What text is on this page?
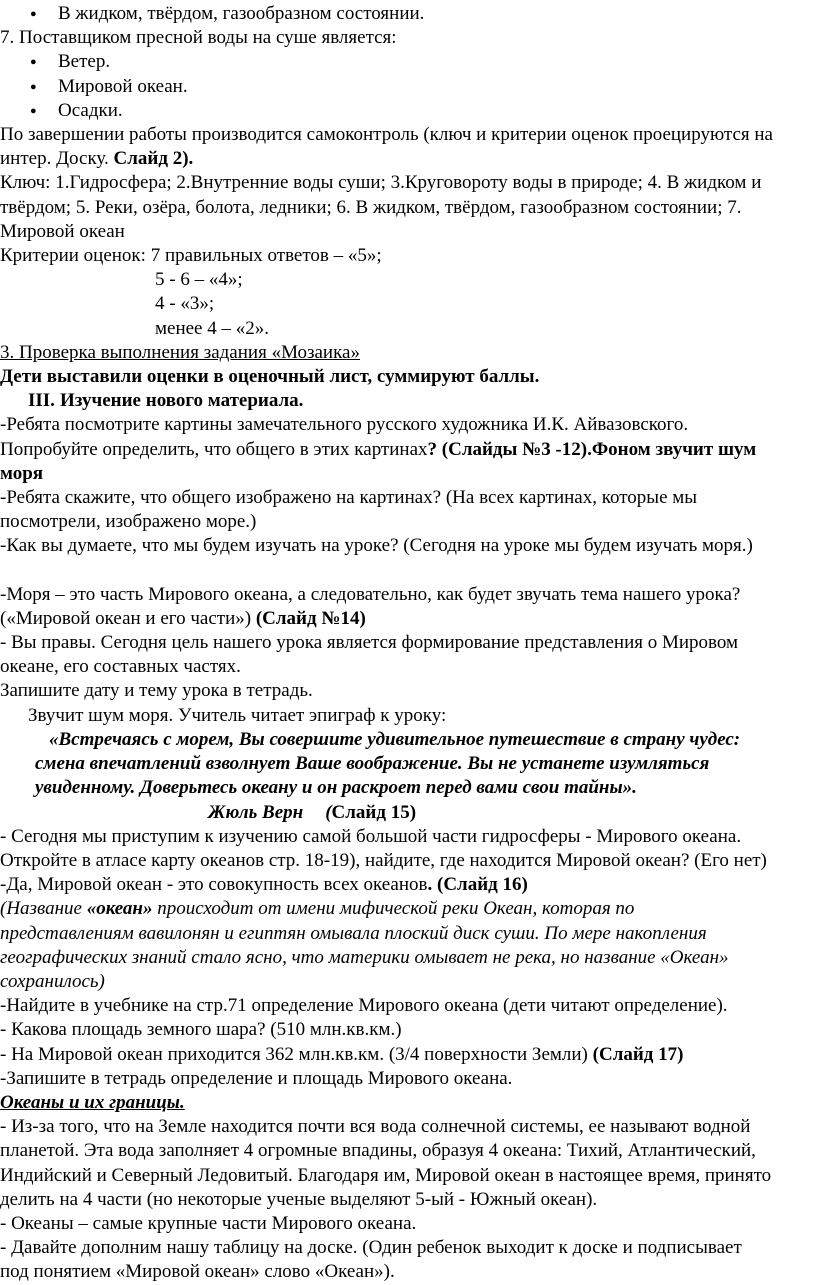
● В жидком, твёрдом, газообразном состоянии.
7. Поставщиком пресной воды на суше является:
● Ветер.
● Мировой океан.
● Осадки.
По завершении работы производится самоконтроль (ключ и критерии оценок проецируются на
интер. Доску. Слайд 2).
Ключ: 1.Гидросфера; 2.Внутренние воды суши; 3.Круговороту воды в природе; 4. В жидком и
твёрдом; 5. Реки, озёра, болота, ледники; 6. В жидком, твёрдом, газообразном состоянии; 7.
Мировой океан
Критерии оценок: 7 правильных ответов – «5»;
5 - 6 – «4»;
4 - «3»;
менее 4 – «2».
3. Проверка выполнения задания «Мозаика»
Дети выставили оценки в оценочный лист, суммируют баллы.
III. Изучение нового материала.
-Ребята посмотрите картины замечательного русского художника И.К. Айвазовского.
Попробуйте определить, что общего в этих картинах? (Слайды №3 -12).Фоном звучит шум
моря
-Ребята скажите, что общего изображено на картинах? (На всех картинах, которые мы
посмотрели, изображено море.)
-Как вы думаете, что мы будем изучать на уроке? (Сегодня на уроке мы будем изучать моря.)
-Моря – это часть Мирового океана, а следовательно, как будет звучать тема нашего урока?
(«Мировой океан и его части») (Слайд №14)
- Вы правы. Сегодня цель нашего урока является формирование представления о Мировом
океане, его составных частях.
Запишите дату и тему урока в тетрадь.
Звучит шум моря. Учитель читает эпиграф к уроку:
«Встречаясь с морем, Вы совершите удивительное путешествие в страну чудес:
смена впечатлений взволнует Ваше воображение. Вы не устанете изумляться
увиденному. Доверьтесь океану и он раскроет перед вами свои тайны».
Жюль Верн (Слайд 15)
- Сегодня мы приступим к изучению самой большой части гидросферы - Мирового океана.
Откройте в атласе карту океанов стр. 18-19), найдите, где находится Мировой океан? (Его нет)
-Да, Мировой океан - это совокупность всех океанов. (Слайд 16)
(Название «океан» происходит от имени мифической реки Океан, которая по
представлениям вавилонян и египтян омывала плоский диск суши. По мере накопления
географических знаний стало ясно, что материки омывает не река, но название «Океан»
сохранилось)
-Найдите в учебнике на стр.71 определение Мирового океана (дети читают определение).
- Какова площадь земного шара? (510 млн.кв.км.)
- На Мировой океан приходится 362 млн.кв.км. (3/4 поверхности Земли) (Слайд 17)
-Запишите в тетрадь определение и площадь Мирового океана.
Океаны и их границы.
- Из-за того, что на Земле находится почти вся вода солнечной системы, ее называют водной
планетой. Эта вода заполняет 4 огромные впадины, образуя 4 океана: Тихий, Атлантический,
Индийский и Северный Ледовитый. Благодаря им, Мировой океан в настоящее время, принято
делить на 4 части (но некоторые ученые выделяют 5-ый - Южный океан).
- Океаны – самые крупные части Мирового океана.
- Давайте дополним нашу таблицу на доске. (Один ребенок выходит к доске и подписывает
под понятием «Мировой океан» слово «Океан»).
